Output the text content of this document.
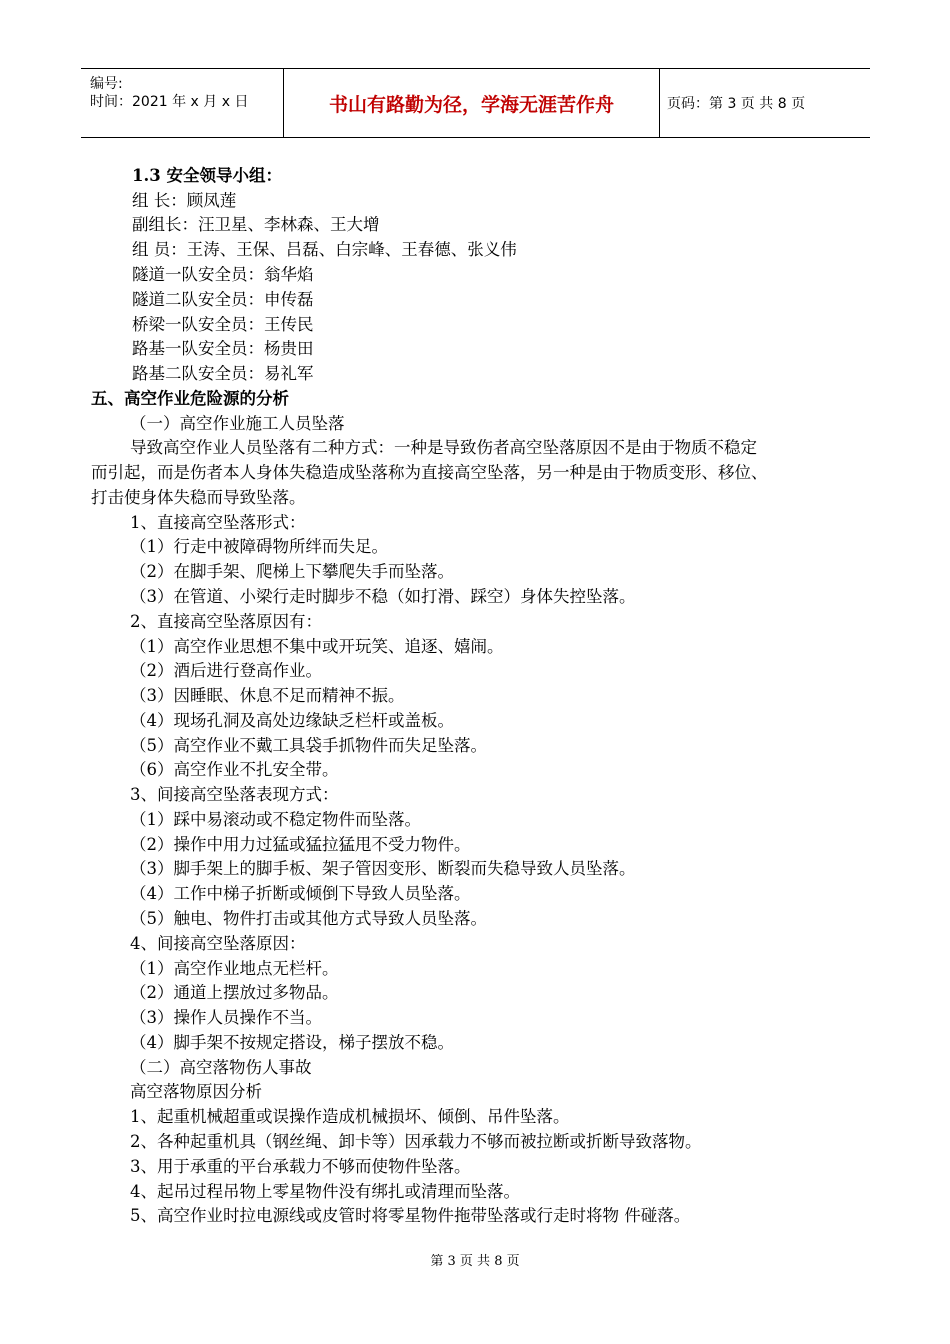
编号:
时间：2021 年 x 月 x 日	书山有路勤为径，学海无涯苦作舟	页码：第 3 页 共 8 页
1.3 安全领导小组：
组 长：顾凤莲
副组长：汪卫星、李林森、王大增
组 员：王涛、王保、吕磊、白宗峰、王春德、张义伟
隧道一队安全员：翁华焰
隧道二队安全员：申传磊
桥梁一队安全员：王传民
路基一队安全员：杨贵田
路基二队安全员：易礼军
五、高空作业危险源的分析
（一）高空作业施工人员坠落
导致高空作业人员坠落有二种方式：一种是导致伤者高空坠落原因不是由于物质不稳定
而引起，而是伤者本人身体失稳造成坠落称为直接高空坠落，另一种是由于物质变形、移位、
打击使身体失稳而导致坠落。
1、直接高空坠落形式：
（1）行走中被障碍物所绊而失足。
（2）在脚手架、爬梯上下攀爬失手而坠落。
（3）在管道、小梁行走时脚步不稳（如打滑、踩空）身体失控坠落。
2、直接高空坠落原因有：
（1）高空作业思想不集中或开玩笑、追逐、嬉闹。
（2）酒后进行登高作业。
（3）因睡眠、休息不足而精神不振。
（4）现场孔洞及高处边缘缺乏栏杆或盖板。
（5）高空作业不戴工具袋手抓物件而失足坠落。
（6）高空作业不扎安全带。
3、间接高空坠落表现方式：
（1）踩中易滚动或不稳定物件而坠落。
（2）操作中用力过猛或猛拉猛甩不受力物件。
（3）脚手架上的脚手板、架子管因变形、断裂而失稳导致人员坠落。
（4）工作中梯子折断或倾倒下导致人员坠落。
（5）触电、物件打击或其他方式导致人员坠落。
4、间接高空坠落原因：
（1）高空作业地点无栏杆。
（2）通道上摆放过多物品。
（3）操作人员操作不当。
（4）脚手架不按规定搭设，梯子摆放不稳。
（二）高空落物伤人事故
高空落物原因分析
1、起重机械超重或误操作造成机械损坏、倾倒、吊件坠落。
2、各种起重机具（钢丝绳、卸卡等）因承载力不够而被拉断或折断导致落物。
3、用于承重的平台承载力不够而使物件坠落。
4、起吊过程吊物上零星物件没有绑扎或清理而坠落。
5、高空作业时拉电源线或皮管时将零星物件拖带坠落或行走时将物 件碰落。
第 3 页 共 8 页
